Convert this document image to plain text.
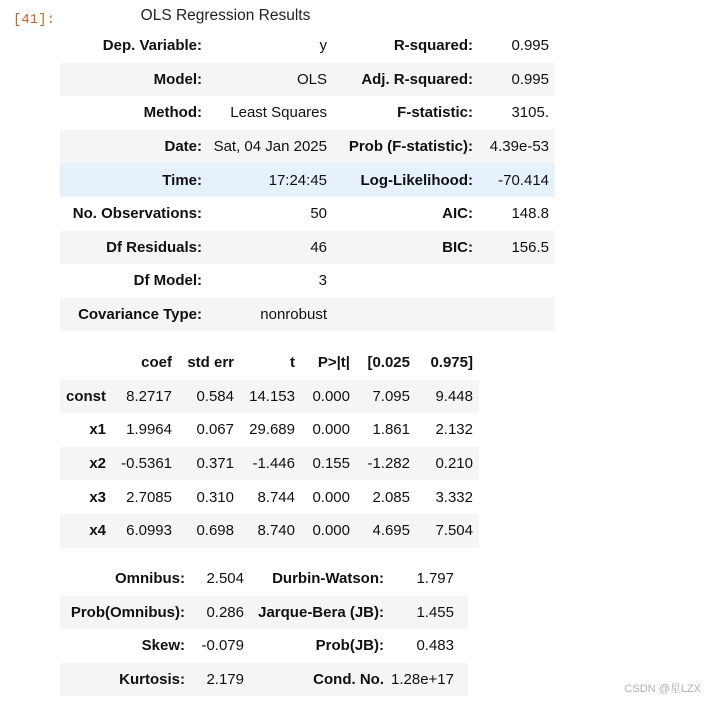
[41]:	OLS Regression Results
Dep. Variable:	y	R-squared:	0.995
Model:	OLS	Adj. R-squared:	0.995
Method:	Least Squares	F-statistic:	3105.
Date:	Sat, 04 Jan 2025	Prob (F-statistic):	4.39e-53
Time:	17:24:45	Log-Likelihood:	-70.414
No. Observations:	50	AIC:	148.8
Df Residuals:	46	BIC:	156.5
Df Model:	3		
Covariance Type:	nonrobust		
	coef	std err	t	P>|t|	[0.025	0.975]
const	8.2717	0.584	14.153	0.000	7.095	9.448
x1	1.9964	0.067	29.689	0.000	1.861	2.132
x2	-0.5361	0.371	-1.446	0.155	-1.282	0.210
x3	2.7085	0.310	8.744	0.000	2.085	3.332
x4	6.0993	0.698	8.740	0.000	4.695	7.504
Omnibus:	2.504	Durbin-Watson:	1.797
Prob(Omnibus):	0.286	Jarque-Bera (JB):	1.455
Skew:	-0.079	Prob(JB):	0.483
Kurtosis:	2.179	Cond. No.	1.28e+17
CSDN @星LZX
